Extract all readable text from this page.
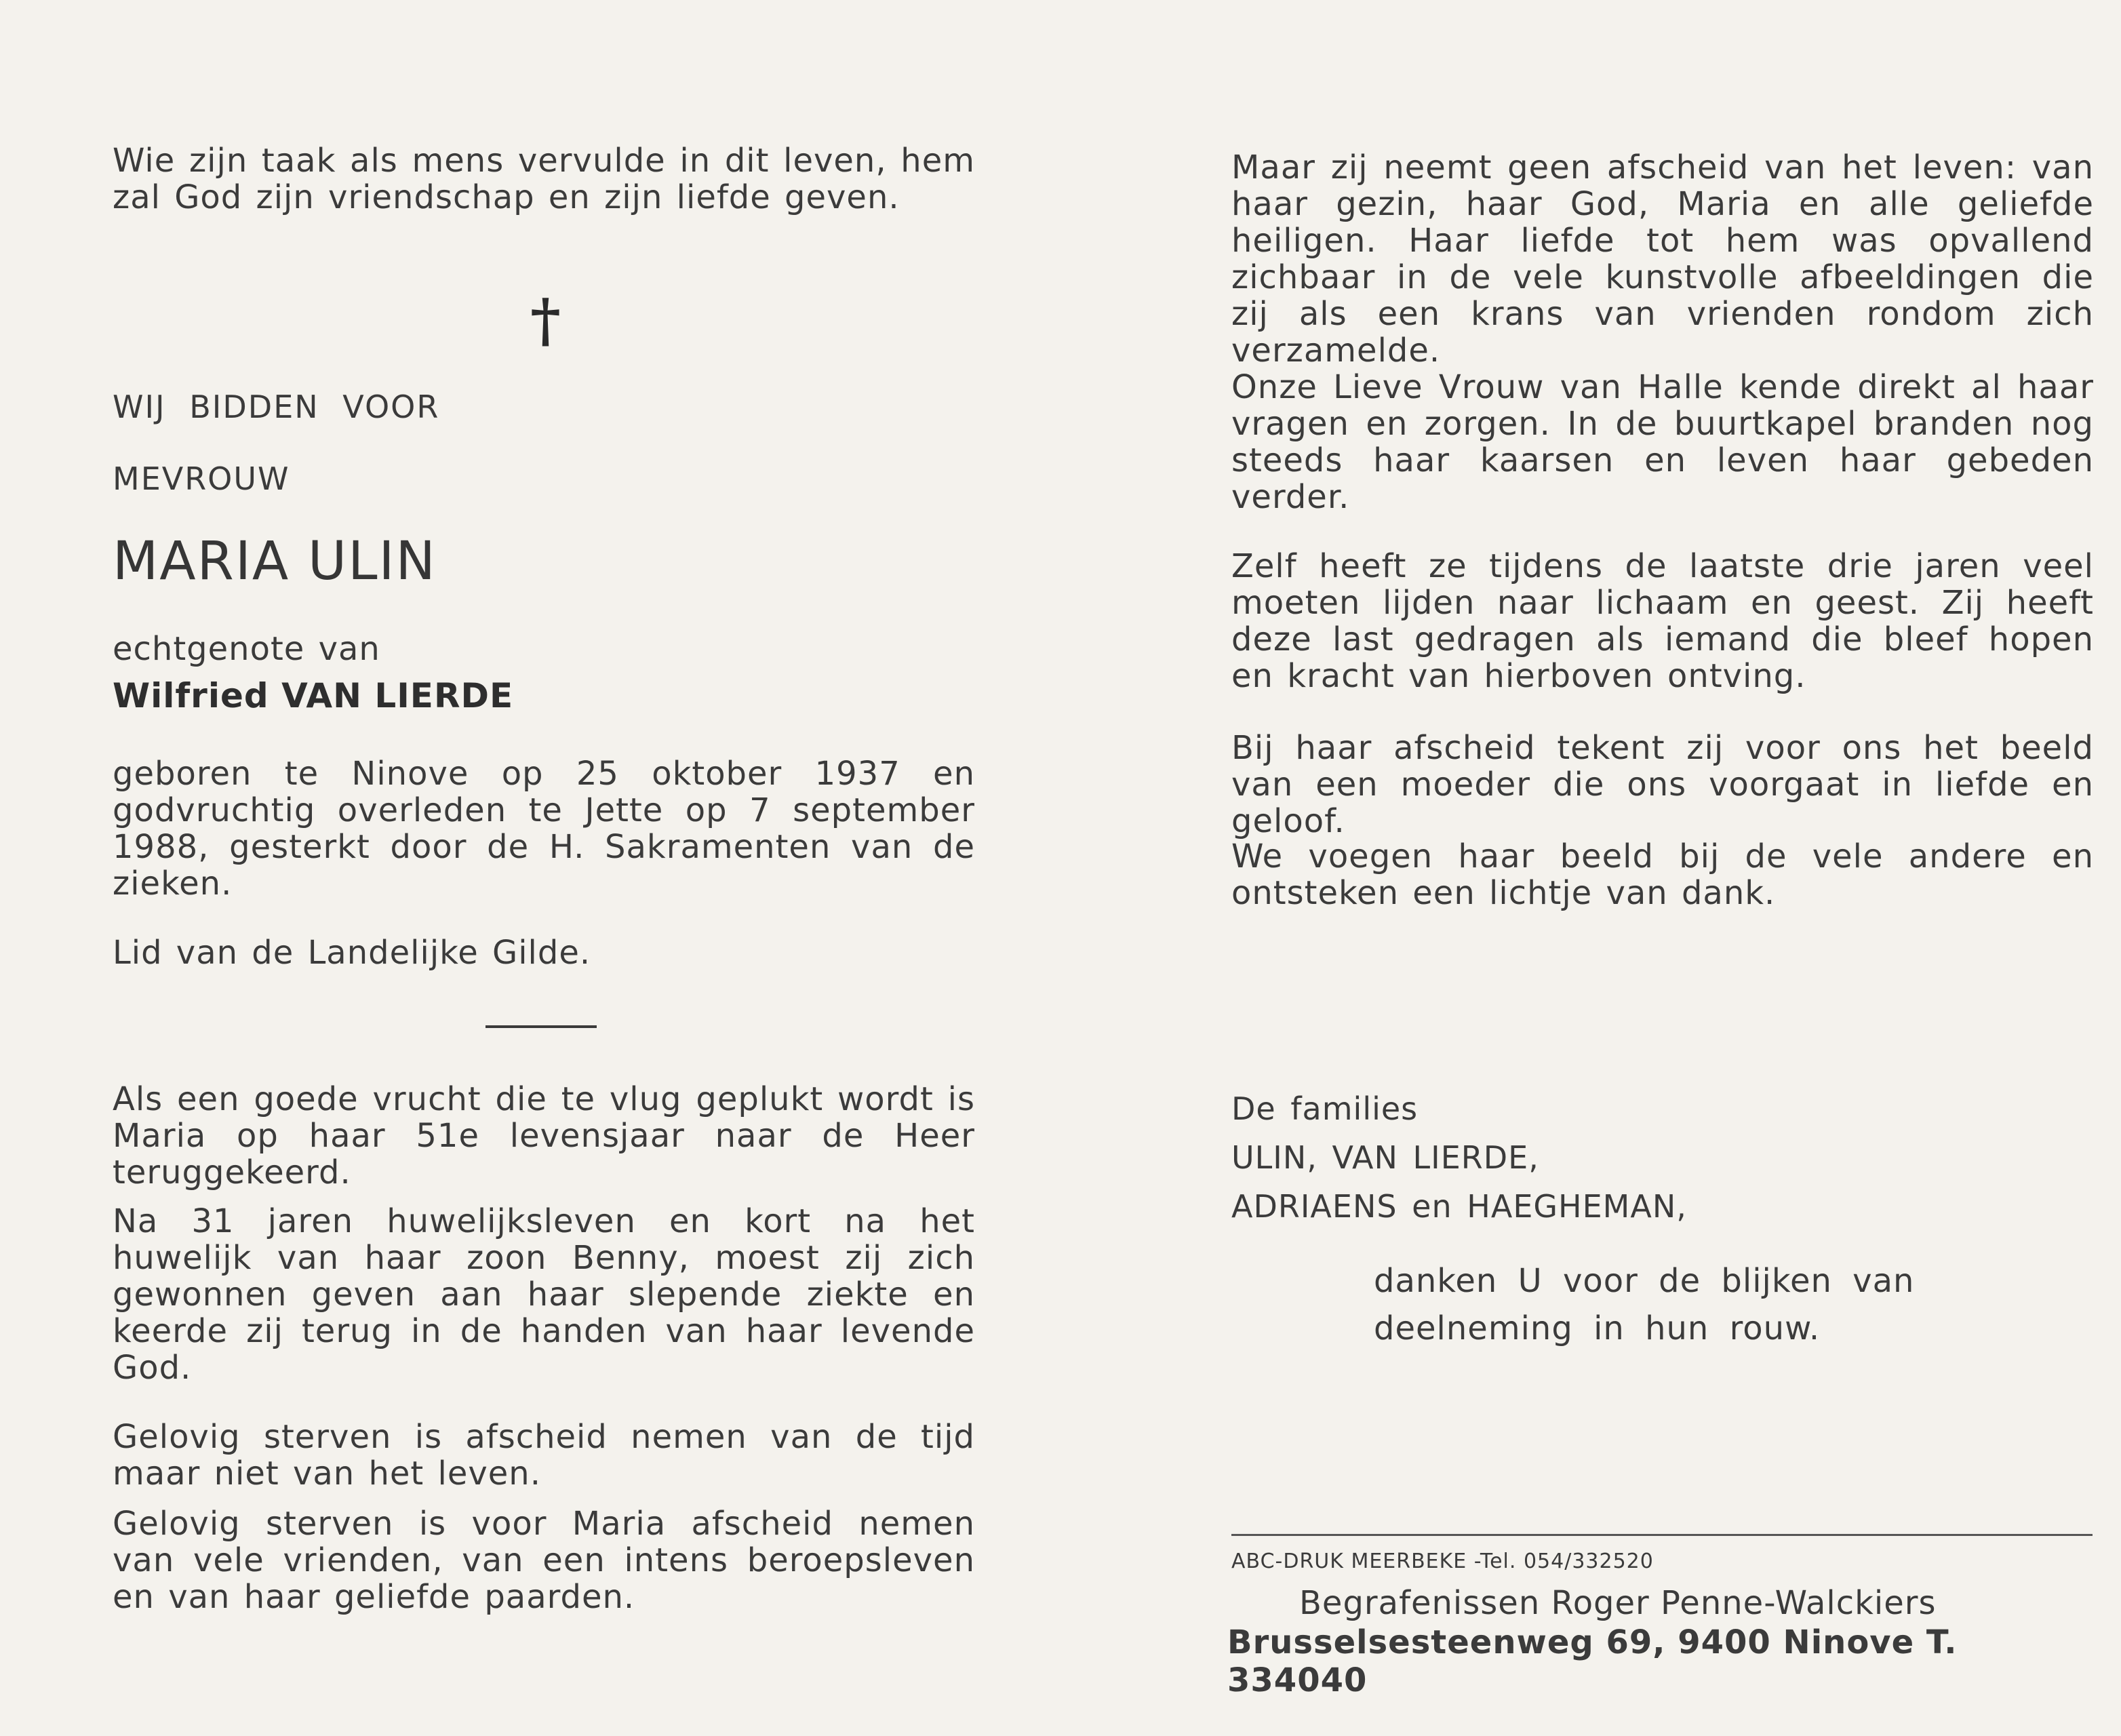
Wie zijn taak als mens vervulde in dit leven, hem zal God zijn vriendschap en zijn liefde geven.

†

WIJ BIDDEN VOOR

MEVROUW

MARIA ULIN

echtgenote van

Wilfried VAN LIERDE

geboren te Ninove op 25 oktober 1937 en godvruchtig overleden te Jette op 7 september 1988, gesterkt door de H. Sakramenten van de zieken.

Lid van de Landelijke Gilde.

Als een goede vrucht die te vlug geplukt wordt is Maria op haar 51e levensjaar naar de Heer teruggekeerd.

Na 31 jaren huwelijksleven en kort na het huwelijk van haar zoon Benny, moest zij zich gewonnen geven aan haar slepende ziekte en keerde zij terug in de handen van haar levende God.

Gelovig sterven is afscheid nemen van de tijd maar niet van het leven.

Gelovig sterven is voor Maria afscheid nemen van vele vrienden, van een intens beroepsleven en van haar geliefde paarden.

Maar zij neemt geen afscheid van het leven: van haar gezin, haar God, Maria en alle geliefde heiligen. Haar liefde tot hem was opvallend zichbaar in de vele kunstvolle afbeeldingen die zij als een krans van vrienden rondom zich verzamelde.

Onze Lieve Vrouw van Halle kende direkt al haar vragen en zorgen. In de buurtkapel branden nog steeds haar kaarsen en leven haar gebeden verder.

Zelf heeft ze tijdens de laatste drie jaren veel moeten lijden naar lichaam en geest. Zij heeft deze last gedragen als iemand die bleef hopen en kracht van hierboven ontving.

Bij haar afscheid tekent zij voor ons het beeld van een moeder die ons voorgaat in liefde en geloof.

We voegen haar beeld bij de vele andere en ontsteken een lichtje van dank.

De families

ULIN, VAN LIERDE,

ADRIAENS en HAEGHEMAN,

danken U voor de blijken van

deelneming in hun rouw.

ABC-DRUK MEERBEKE -Tel. 054/332520

Begrafenissen Roger Penne-Walckiers

Brusselsesteenweg 69, 9400 Ninove T. 334040
